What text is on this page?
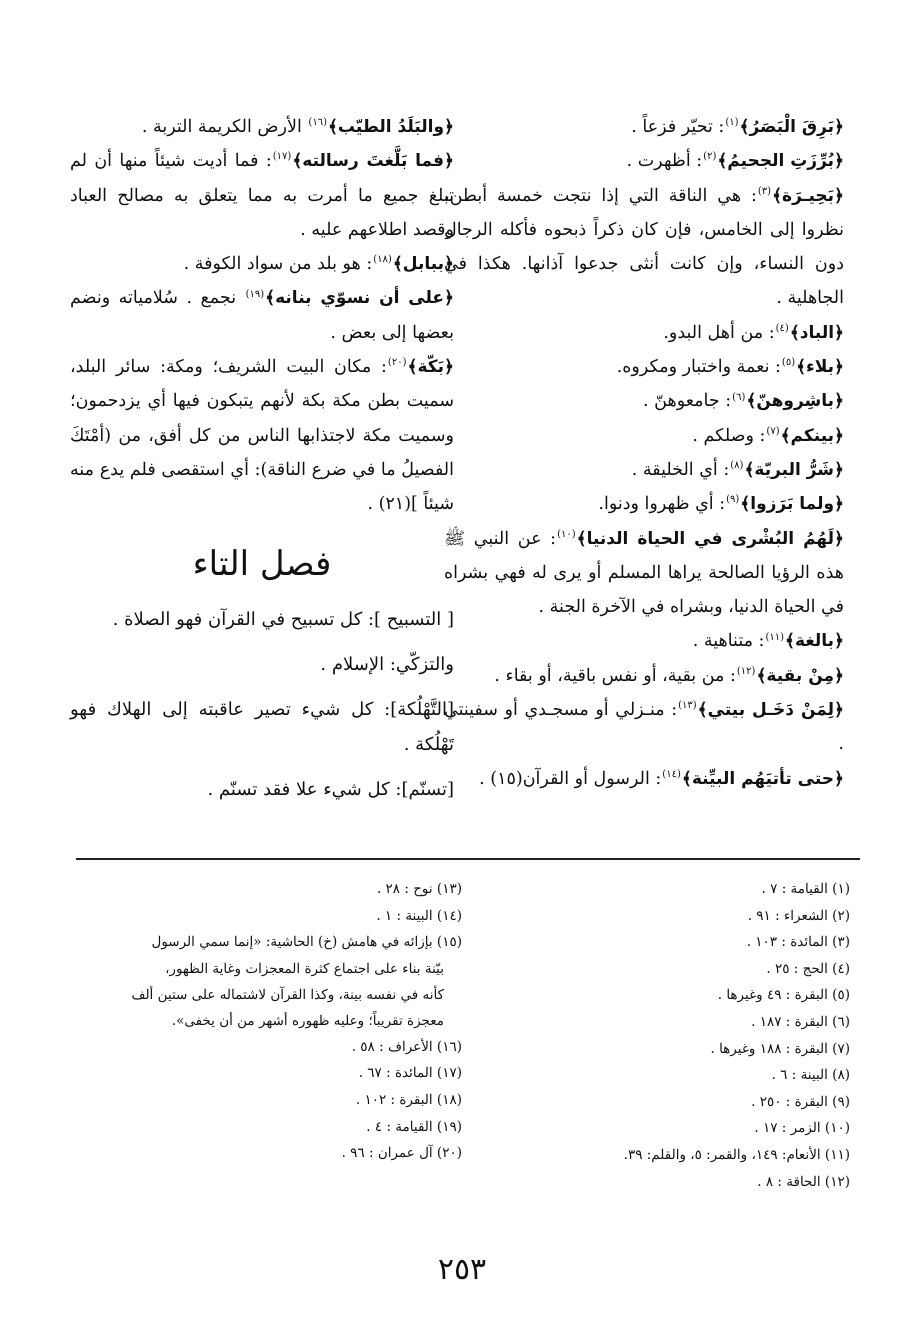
﴿بَرِقَ الْبَصَرُ﴾$^{(١)}$: تحيّر فزعاً .

﴿بُرِّزَتِ الجحيمُ﴾$^{(٢)}$: أظهرت .

﴿بَحِيـرَة﴾$^{(٣)}$: هي الناقة التي إذا نتجت خمسة أبطن، نظروا إلى الخامس، فإن كان ذكراً ذبحوه فأكله الرجال دون النساء، وإن كانت أنثى جدعوا آذانها. هكذا في الجاهلية .

﴿الباد﴾$^{(٤)}$: من أهل البدو.

﴿بلاء﴾$^{(٥)}$: نعمة واختبار ومكروه.

﴿باشِروهنّ﴾$^{(٦)}$: جامعوهنّ .

﴿بينكم﴾$^{(٧)}$: وصلكم .

﴿شَرُّ البريّة﴾$^{(٨)}$: أي الخليقة .

﴿ولما بَرَزوا﴾$^{(٩)}$: أي ظهروا ودنوا.

﴿لَهُمُ البُشْرى في الحياة الدنيا﴾$^{(١٠)}$: عن النبي ﷺ هذه الرؤيا الصالحة يراها المسلم أو يرى له فهي بشراه في الحياة الدنيا، وبشراه في الآخرة الجنة .

﴿بالغة﴾$^{(١١)}$: متناهية .

﴿مِنْ بقية﴾$^{(١٢)}$: من بقية، أو نفس باقية، أو بقاء .

﴿لِمَنْ دَخَـل بيتي﴾$^{(١٣)}$: منـزلي أو مسجـدي أو سفينتي .

﴿حتى تأتيَهُم البيِّنة﴾$^{(١٤)}$: الرسول أو القرآن(١٥) .

﴿والبَلَدُ الطيّب﴾$^{(١٦)}$ الأرض الكريمة التربة .

﴿فما بَلَّغتَ رسالته﴾$^{(١٧)}$: فما أديت شيئاً منها أن لم تبلغ جميع ما أمرت به مما يتعلق به مصالح العباد وقصد اطلاعهم عليه .

﴿ببابل﴾$^{(١٨)}$: هو بلد من سواد الكوفة .

﴿على أن نسوّي بنانه﴾$^{(١٩)}$ نجمع . سُلامياته ونضم بعضها إلى بعض .

﴿بَكّة﴾$^{(٢٠)}$: مكان البيت الشريف؛ ومكة: سائر البلد، سميت بطن مكة بكة لأنهم يتبكون فيها أي يزدحمون؛ وسميت مكة لاجتذابها الناس من كل أفق، من (أمْتَكَ الفصيلُ ما في ضرع الناقة): أي استقصى فلم يدع منه شيئاً ](٢١) .

فصل التاء

[ التسبيح ]: كل تسبيح في القرآن فهو الصلاة .

والتزكّي: الإسلام .

[التَّهْلُكة]: كل شيء تصير عاقبته إلى الهلاك فهو تَهْلُكة .

[تسنّم]: كل شيء علا فقد تسنّم .

(١) القيامة : ٧ .

(٢) الشعراء : ٩١ .

(٣) المائدة : ١٠٣ .

(٤) الحج : ٢٥ .

(٥) البقرة : ٤٩ وغيرها .

(٦) البقرة : ١٨٧ .

(٧) البقرة : ١٨٨ وغيرها .

(٨) البينة : ٦ .

(٩) البقرة : ٢٥٠ .

(١٠) الزمر : ١٧ .

(١١) الأنعام: ١٤٩، والقمر: ٥، والقلم: ٣٩.

(١٢) الحاقة : ٨ .

(١٣) نوح : ٢٨ .

(١٤) البينة : ١ .

(١٥) بإزائه في هامش (خ) الحاشية: «إنما سمي الرسول

بيّنة بناء على اجتماع كثرة المعجزات وغاية الظهور،

كأنه في نفسه بينة، وكذا القرآن لاشتماله على ستين ألف

معجزة تقريباً؛ وعليه ظهوره أشهر من أن يخفى».

(١٦) الأعراف : ٥٨ .

(١٧) المائدة : ٦٧ .

(١٨) البقرة : ١٠٢ .

(١٩) القيامة : ٤ .

(٢٠) آل عمران : ٩٦ .

٢٥٣
